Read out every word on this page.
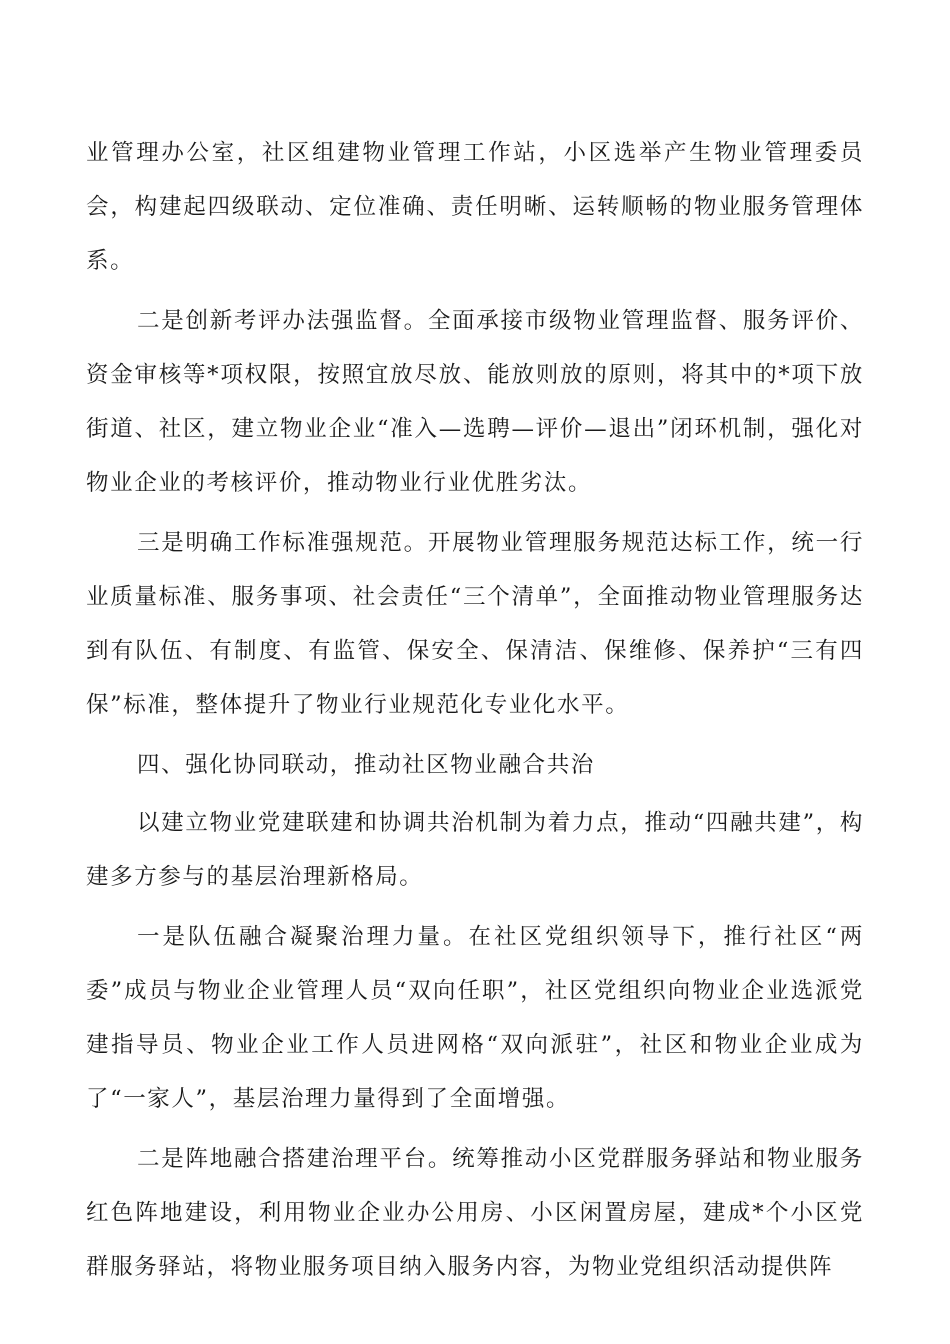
业管理办公室，社区组建物业管理工作站，小区选举产生物业管理委员会，构建起四级联动、定位准确、责任明晰、运转顺畅的物业服务管理体系。

二是创新考评办法强监督。全面承接市级物业管理监督、服务评价、资金审核等*项权限，按照宜放尽放、能放则放的原则，将其中的*项下放街道、社区，建立物业企业“准入—选聘—评价—退出”闭环机制，强化对物业企业的考核评价，推动物业行业优胜劣汰。

三是明确工作标准强规范。开展物业管理服务规范达标工作，统一行业质量标准、服务事项、社会责任“三个清单”，全面推动物业管理服务达到有队伍、有制度、有监管、保安全、保清洁、保维修、保养护“三有四保”标准，整体提升了物业行业规范化专业化水平。

四、强化协同联动，推动社区物业融合共治

以建立物业党建联建和协调共治机制为着力点，推动“四融共建”，构建多方参与的基层治理新格局。

一是队伍融合凝聚治理力量。在社区党组织领导下，推行社区“两委”成员与物业企业管理人员“双向任职”，社区党组织向物业企业选派党建指导员、物业企业工作人员进网格“双向派驻”，社区和物业企业成为了“一家人”，基层治理力量得到了全面增强。

二是阵地融合搭建治理平台。统筹推动小区党群服务驿站和物业服务红色阵地建设，利用物业企业办公用房、小区闲置房屋，建成*个小区党群服务驿站，将物业服务项目纳入服务内容，为物业党组织活动提供阵
